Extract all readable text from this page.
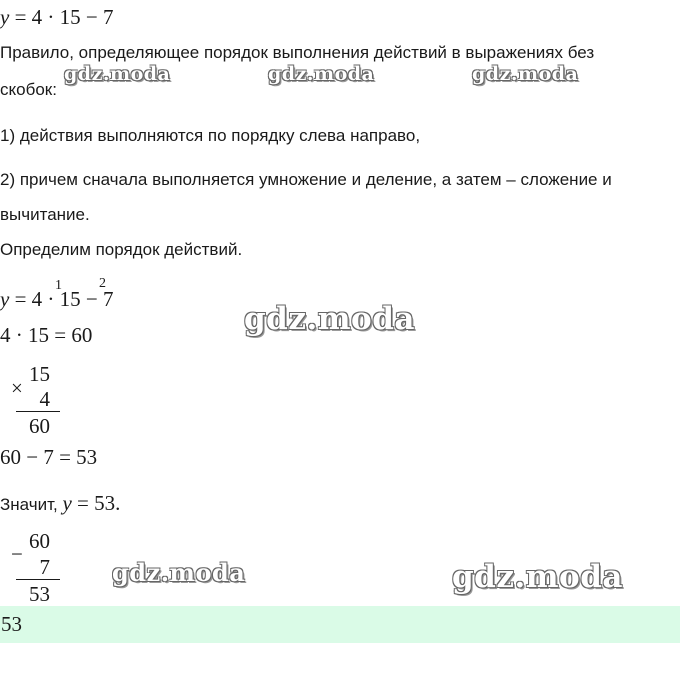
y = 4 · 15 − 7
Правило, определяющее порядок выполнения действий в выражениях без
скобок:
gdz.moda	gdz.moda	gdz.moda
1) действия выполняются по порядку слева направо,
2) причем сначала выполняется умножение и деление, а затем – сложение и
вычитание.
Определим порядок действий.
y = 4 · 15 − 7
1	2
gdz.moda
4 · 15 = 60
×
15
4
60
60 − 7 = 53
Значит, y = 53.
−
60
7
53
gdz.moda	gdz.moda
53
